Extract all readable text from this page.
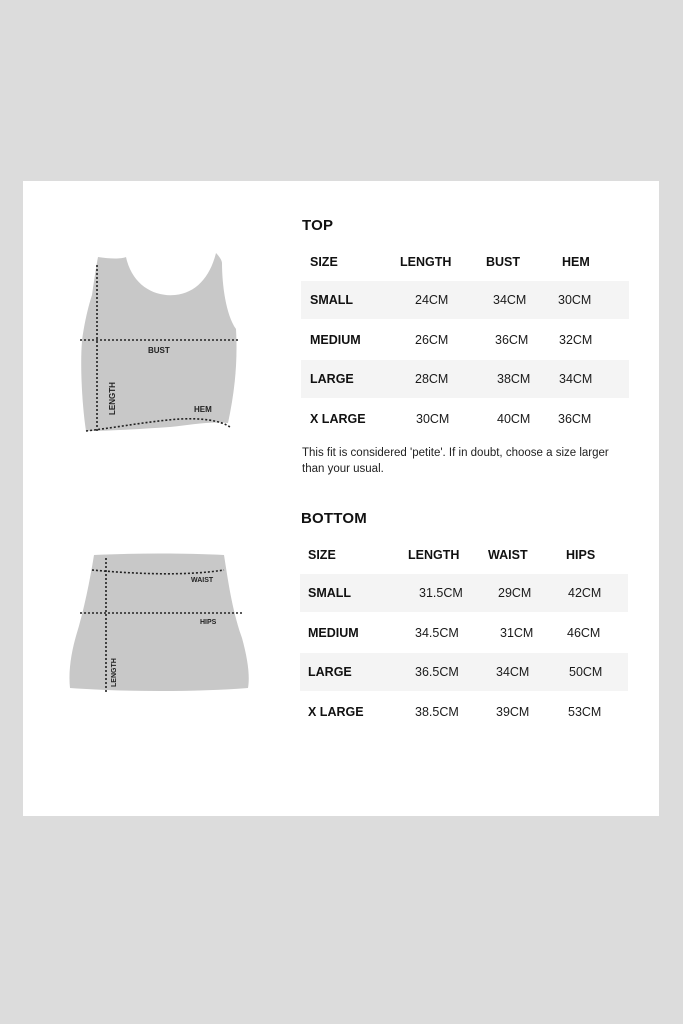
BUST
HEM
LENGTH
WAIST
HIPS
LENGTH
TOP
SIZE	LENGTH	BUST	HEM
SMALL	24CM	34CM	30CM
MEDIUM	26CM	36CM 32CM
LARGE	28CM	38CM 34CM
X LARGE	30CM	40CM 36CM
This fit is considered 'petite'. If in doubt, choose a size larger than your usual.
BOTTOM
SIZE	LENGTH WAIST	HIPS
SMALL	31.5CM	29CM	42CM
MEDIUM	34.5CM	31CM	46CM
LARGE	36.5CM	34CM	50CM
X LARGE	38.5CM	39CM	53CM
